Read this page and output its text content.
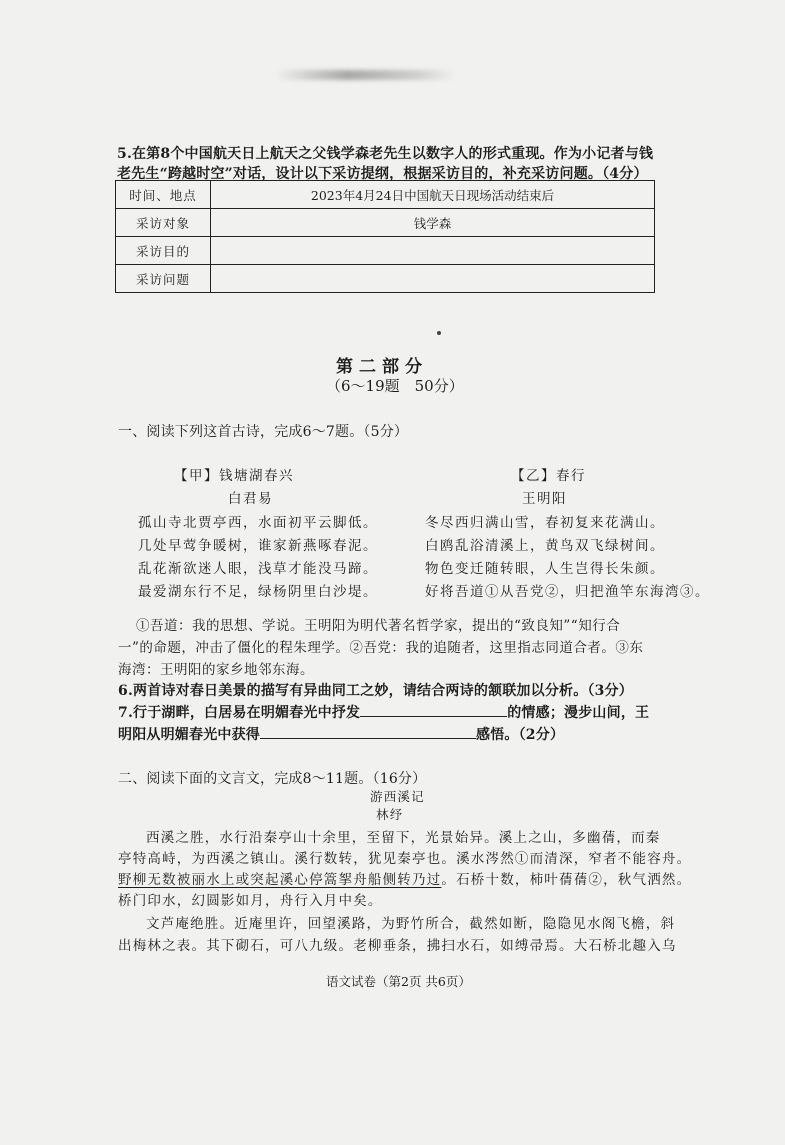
5.在第8个中国航天日上航天之父钱学森老先生以数字人的形式重现。作为小记者与钱
老先生“跨越时空”对话，设计以下采访提纲，根据采访目的，补充采访问题。（4分）
时间、地点	2023年4月24日中国航天日现场活动结束后
采访对象	钱学森
采访目的	
采访问题	
第二部分
（6～19题　50分）
一、阅读下列这首古诗，完成6～7题。（5分）
【甲】钱塘湖春兴
白君易
孤山寺北贾亭西，水面初平云脚低。
几处早莺争暖树，谁家新燕啄春泥。
乱花渐欲迷人眼，浅草才能没马蹄。
最爱湖东行不足，绿杨阴里白沙堤。
【乙】春行
王明阳
冬尽西归满山雪，春初复来花满山。
白鸥乱浴清溪上，黄鸟双飞绿树间。
物色变迁随转眼，人生岂得长朱颜。
好将吾道①从吾党②，归把渔竿东海湾③。
①吾道：我的思想、学说。王明阳为明代著名哲学家，提出的“致良知”“知行合
一”的命题，冲击了僵化的程朱理学。②吾党：我的追随者，这里指志同道合者。③东
海湾：王明阳的家乡地邻东海。
6.两首诗对春日美景的描写有异曲同工之妙，请结合两诗的颔联加以分析。（3分）
7.行于湖畔，白居易在明媚春光中抒发	的情感；漫步山间，王
明阳从明媚春光中获得	感悟。（2分）
二、阅读下面的文言文，完成8～11题。（16分）
游西溪记
林纾
西溪之胜，水行沿秦亭山十余里，至留下，光景始异。溪上之山，多幽蒨，而秦
亭特高峙，为西溪之镇山。溪行数转，犹见秦亭也。溪水涔然①而清深，窄者不能容舟。
野柳无数被丽水上或突起溪心停篙挐舟船侧转乃过。石桥十数，柿叶蒨蒨②，秋气洒然。
桥门印水，幻圆影如月，舟行入月中矣。
文芦庵绝胜。近庵里许，回望溪路，为野竹所合，截然如断，隐隐见水阁飞檐，斜
出梅林之表。其下砌石，可八九级。老柳垂条，拂扫水石，如缚帚焉。大石桥北趣入乌
语文试卷（第2页 共6页）
